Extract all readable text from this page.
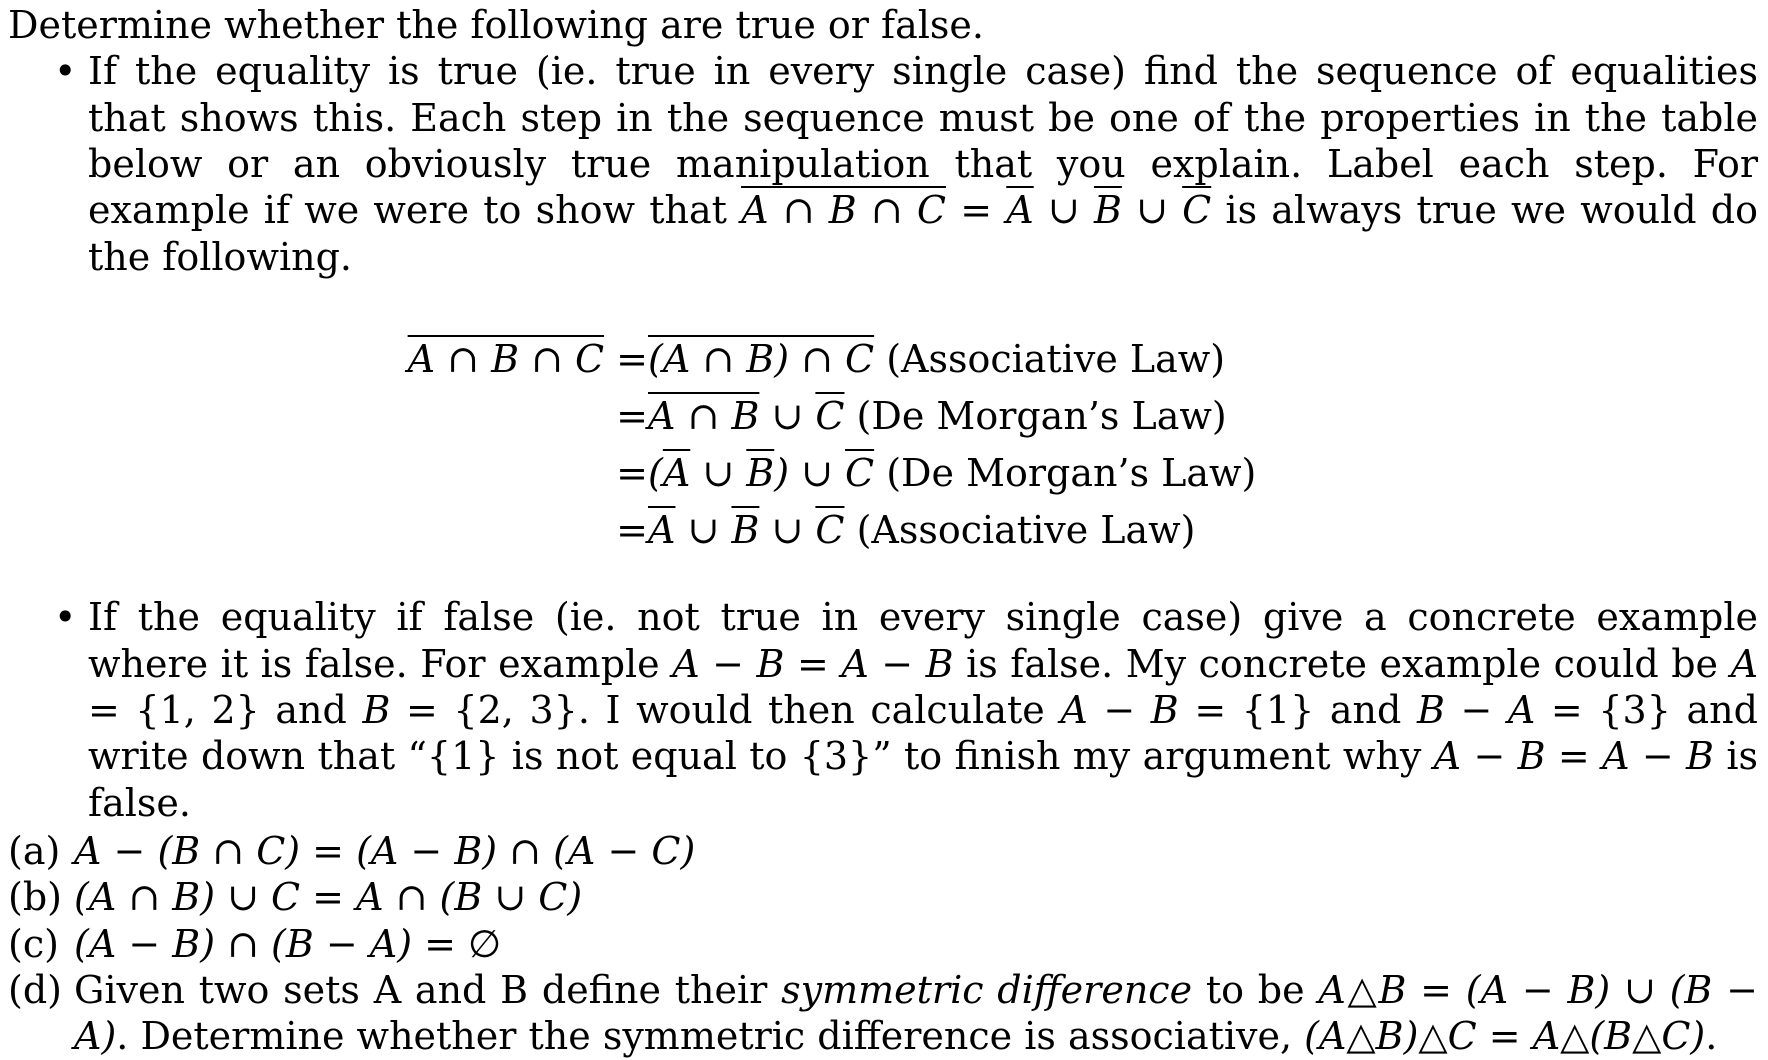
Determine whether the following are true or false.
• If the equality is true (ie. true in every single case) find the sequence of equalities that shows this. Each step in the sequence must be one of the properties in the table below or an obviously true manipulation that you explain. Label each step. For example if we were to show that A ∩ B ∩ $C = \overline{A}$ ∪ $\overline{B}$ ∪ $\overline{C}$ is always true we would do the following.
A ∩ B ∩ C = (A ∩ B) ∩ C (Associative Law)
= A ∩ B ∪ $\overline{C}$ (De Morgan’s Law)
= ($\overline{A}$ ∪ $\overline{B}$) ∪ $\overline{C}$ (De Morgan’s Law)
= $\overline{A}$ ∪ $\overline{B}$ ∪ $\overline{C}$ (Associative Law)
• If the equality if false (ie. not true in every single case) give a concrete example where it is false. For example A − B = A − B is false. My concrete example could be A = {1, 2} and B = {2, 3}. I would then calculate A − B = {1} and B − A = {3} and write down that “{1} is not equal to {3}” to finish my argument why A − B = A − B is false.
(a) A − (B ∩ C) = (A − B) ∩ (A − C)
(b) (A ∩ B) ∪ C = A ∩ (B ∪ C)
(c) (A − B) ∩ (B − A) = ∅
(d) Given two sets A and B define their symmetric difference to be A△B = (A − B) ∪ (B − A). Determine whether the symmetric difference is associative, (A△B)△C = A△(B△C).
